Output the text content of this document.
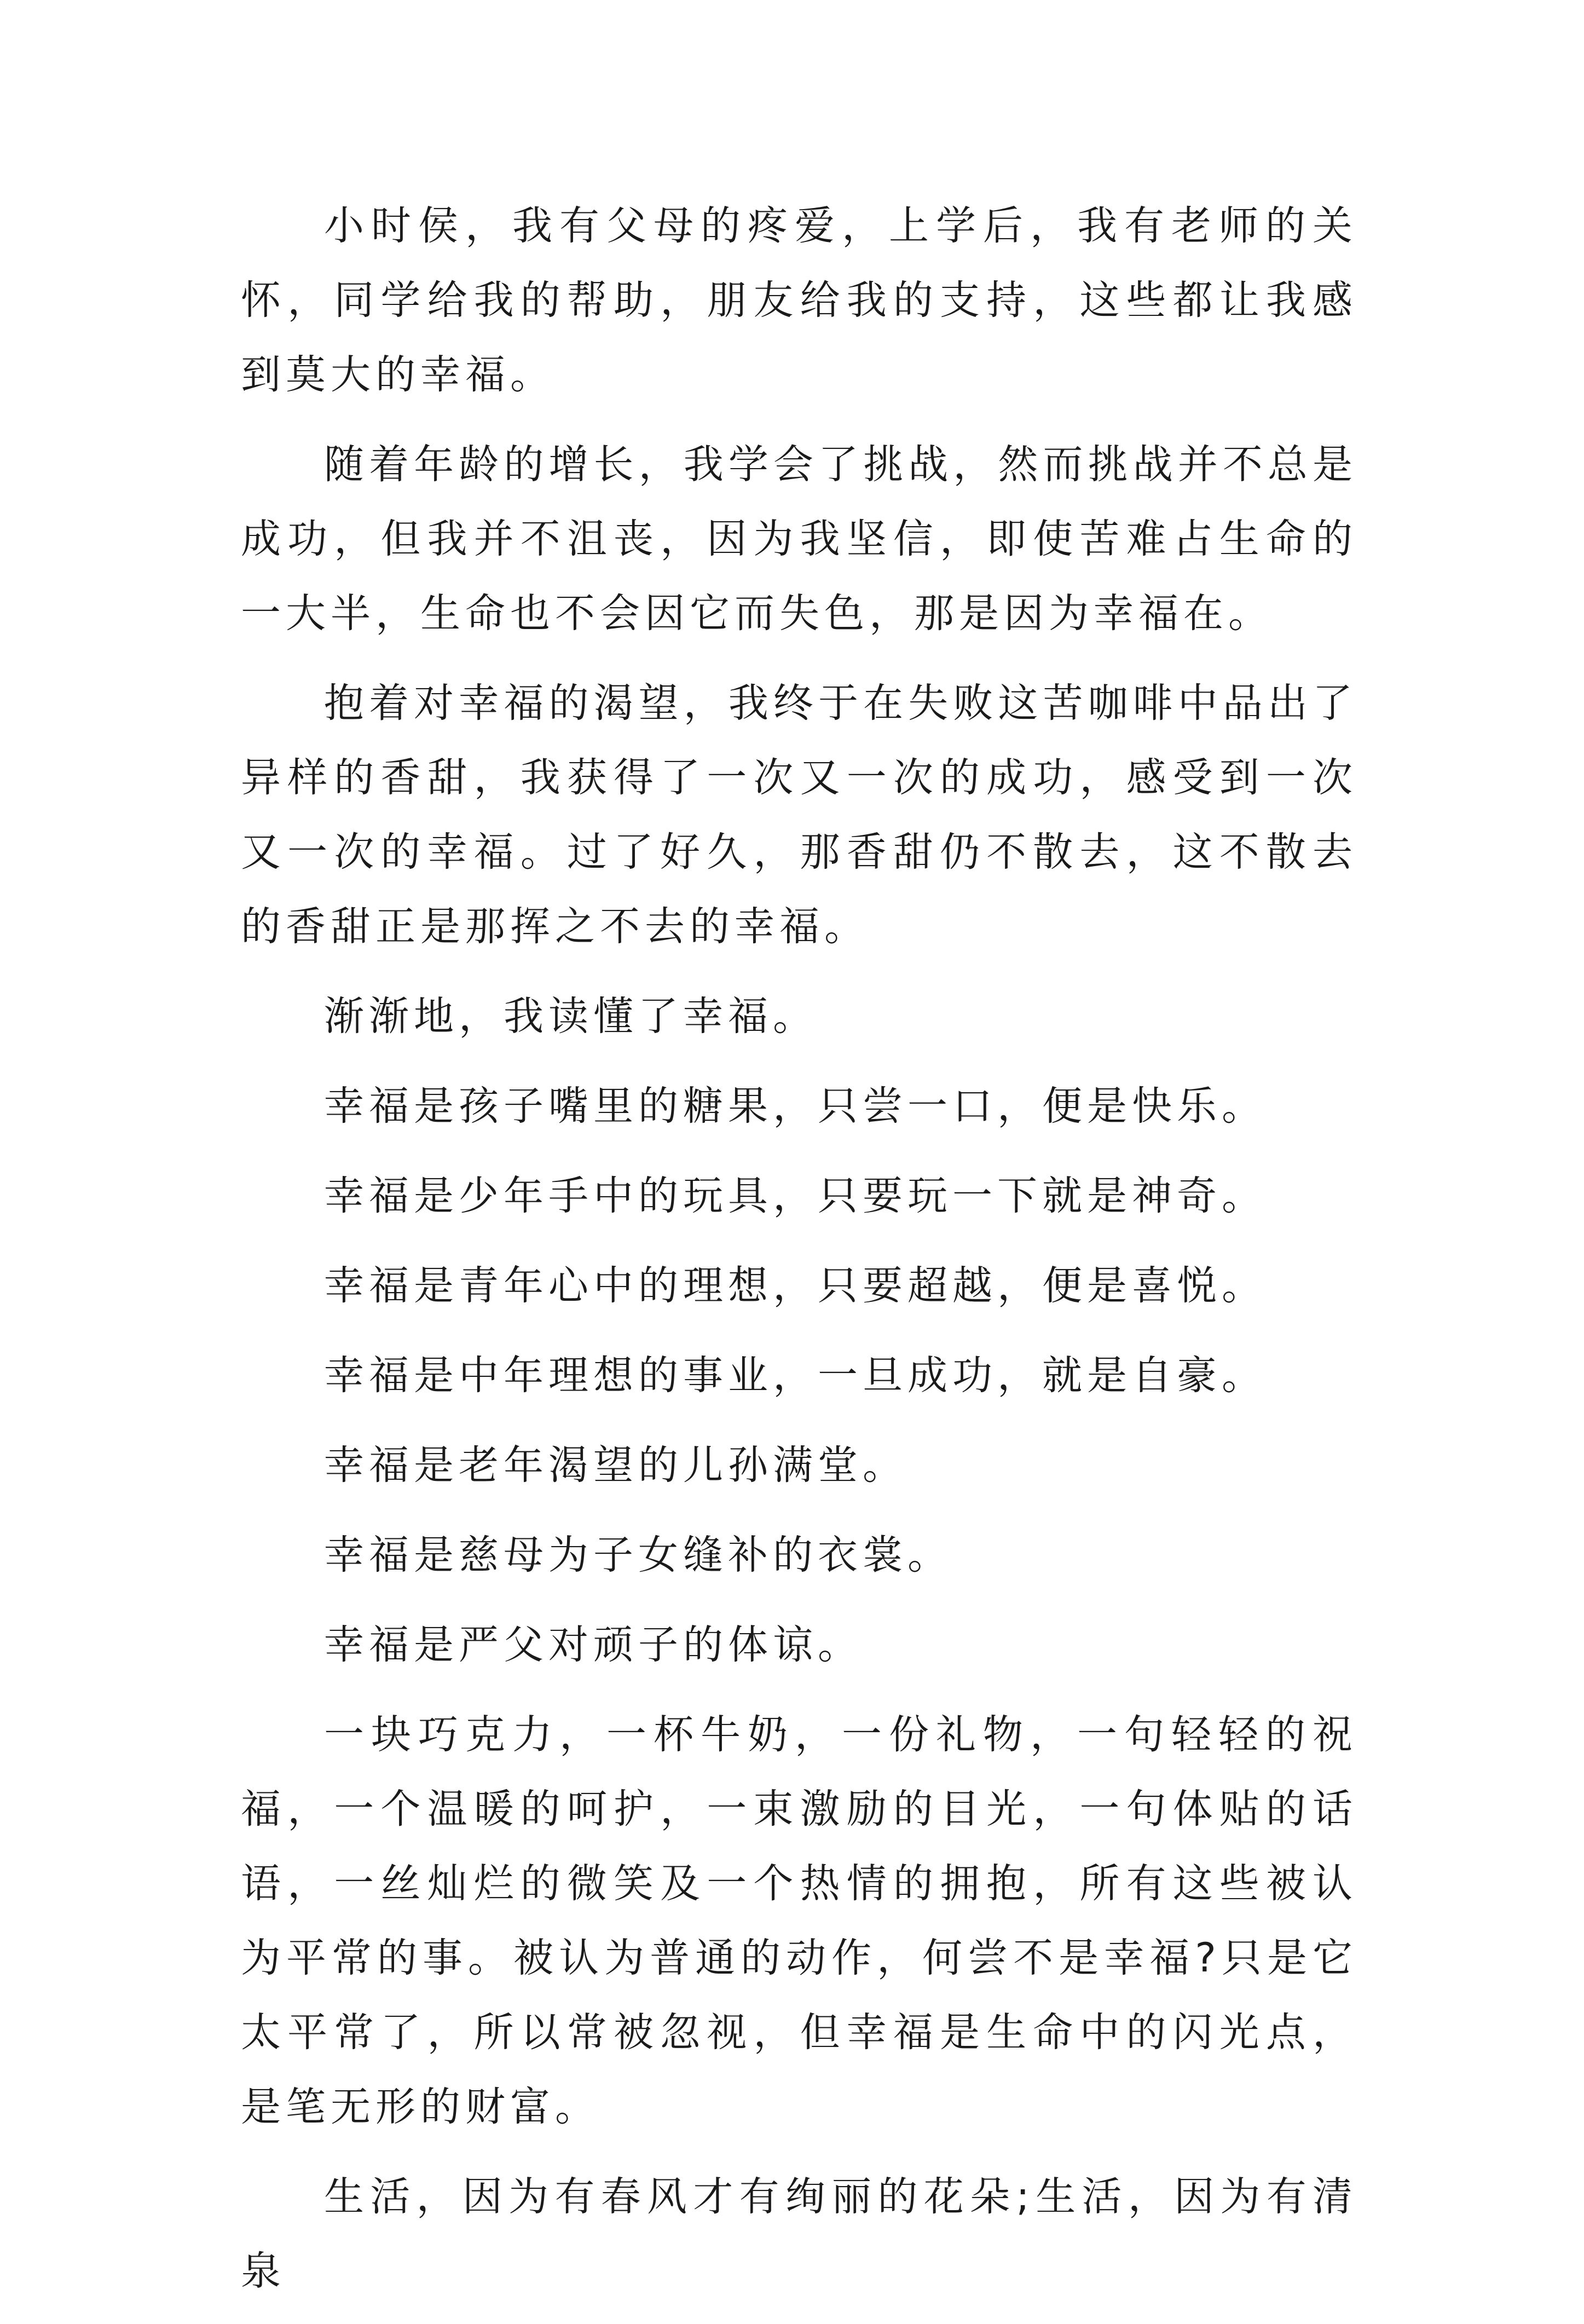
小时侯，我有父母的疼爱，上学后，我有老师的关怀，同学给我的帮助，朋友给我的支持，这些都让我感到莫大的幸福。

随着年龄的增长，我学会了挑战，然而挑战并不总是成功，但我并不沮丧，因为我坚信，即使苦难占生命的一大半，生命也不会因它而失色，那是因为幸福在。

抱着对幸福的渴望，我终于在失败这苦咖啡中品出了异样的香甜，我获得了一次又一次的成功，感受到一次又一次的幸福。过了好久，那香甜仍不散去，这不散去的香甜正是那挥之不去的幸福。

渐渐地，我读懂了幸福。

幸福是孩子嘴里的糖果，只尝一口，便是快乐。

幸福是少年手中的玩具，只要玩一下就是神奇。

幸福是青年心中的理想，只要超越，便是喜悦。

幸福是中年理想的事业，一旦成功，就是自豪。

幸福是老年渴望的儿孙满堂。

幸福是慈母为子女缝补的衣裳。

幸福是严父对顽子的体谅。

一块巧克力，一杯牛奶，一份礼物，一句轻轻的祝福，一个温暖的呵护，一束激励的目光，一句体贴的话语，一丝灿烂的微笑及一个热情的拥抱，所有这些被认为平常的事。被认为普通的动作，何尝不是幸福?只是它太平常了，所以常被忽视，但幸福是生命中的闪光点，是笔无形的财富。

生活，因为有春风才有绚丽的花朵;生活，因为有清泉
